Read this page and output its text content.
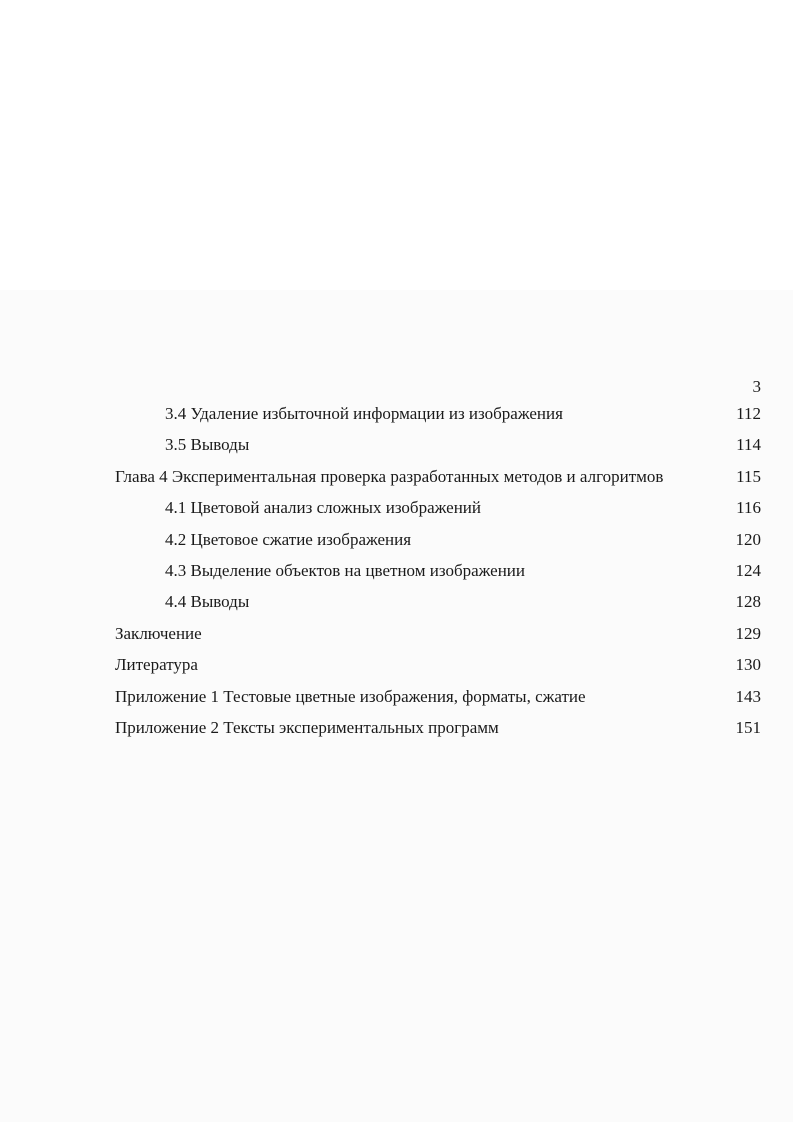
3
3.4 Удаление избыточной информации из изображения	112
3.5 Выводы	114
Глава 4 Экспериментальная проверка разработанных методов и алгоритмов	115
4.1 Цветовой анализ сложных изображений	116
4.2 Цветовое сжатие изображения	120
4.3 Выделение объектов на цветном изображении	124
4.4 Выводы	128
Заключение	129
Литература	130
Приложение 1 Тестовые цветные изображения, форматы, сжатие	143
Приложение 2 Тексты экспериментальных программ	151
